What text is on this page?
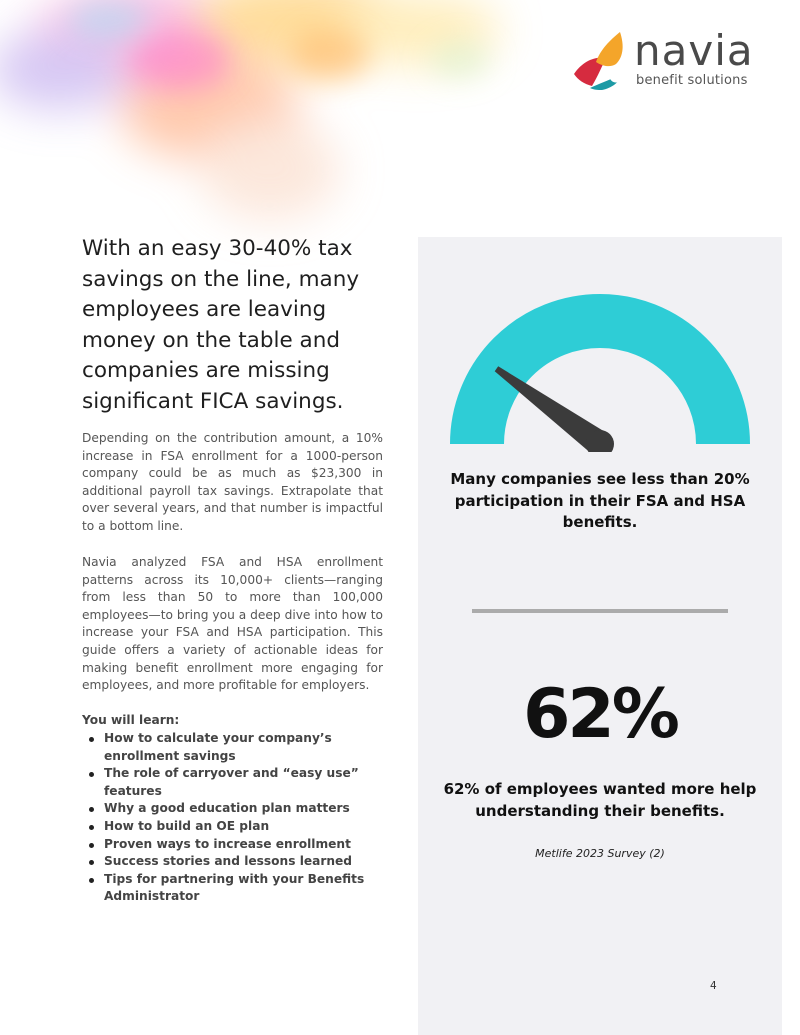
navia
benefit solutions
With an easy 30-40% tax savings on the line, many employees are leaving money on the table and companies are missing significant FICA savings.

Depending on the contribution amount, a 10% increase in FSA enrollment for a 1000-person company could be as much as $23,300 in additional payroll tax savings. Extrapolate that over several years, and that number is impactful to a bottom line.

Navia analyzed FSA and HSA enrollment patterns across its 10,000+ clients—ranging from less than 50 to more than 100,000 employees—to bring you a deep dive into how to increase your FSA and HSA participation. This guide offers a variety of actionable ideas for making benefit enrollment more engaging for employees, and more profitable for employers.

You will learn:

How to calculate your company’s enrollment savings
The role of carryover and “easy use” features
Why a good education plan matters
How to build an OE plan
Proven ways to increase enrollment
Success stories and lessons learned
Tips for partnering with your Benefits Administrator

Many companies see less than 20% participation in their FSA and HSA benefits.

62%

62% of employees wanted more help understanding their benefits.

Metlife 2023 Survey (2)
4
